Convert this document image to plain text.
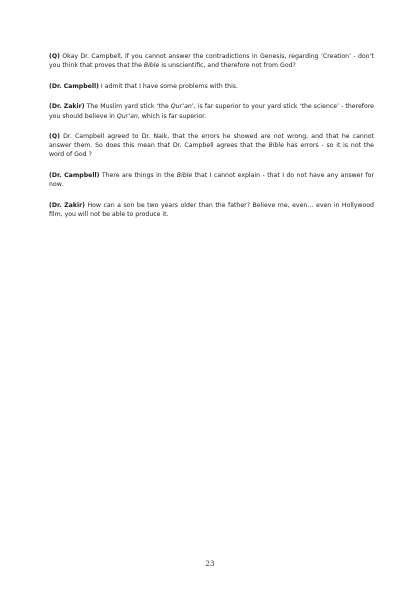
(Q) Okay Dr. Campbell, if you cannot answer the contradictions in Genesis, regarding ‘Creation’ - don’t you think that proves that the Bible is unscientific, and therefore not from God?

(Dr. Campbell) I admit that I have some problems with this.

(Dr. Zakir) The Muslim yard stick ‘the Qur’an’, is far superior to your yard stick ‘the science’ - therefore you should believe in Qur’an, which is far superior.

(Q) Dr. Campbell agreed to Dr. Naik, that the errors he showed are not wrong, and that he cannot answer them. So does this mean that Dr. Campbell agrees that the Bible has errors - so it is not the word of God ?

(Dr. Campbell) There are things in the Bible that I cannot explain - that I do not have any answer for now.

(Dr. Zakir) How can a son be two years older than the father? Believe me, even… even in Hollywood film, you will not be able to produce it.

23
